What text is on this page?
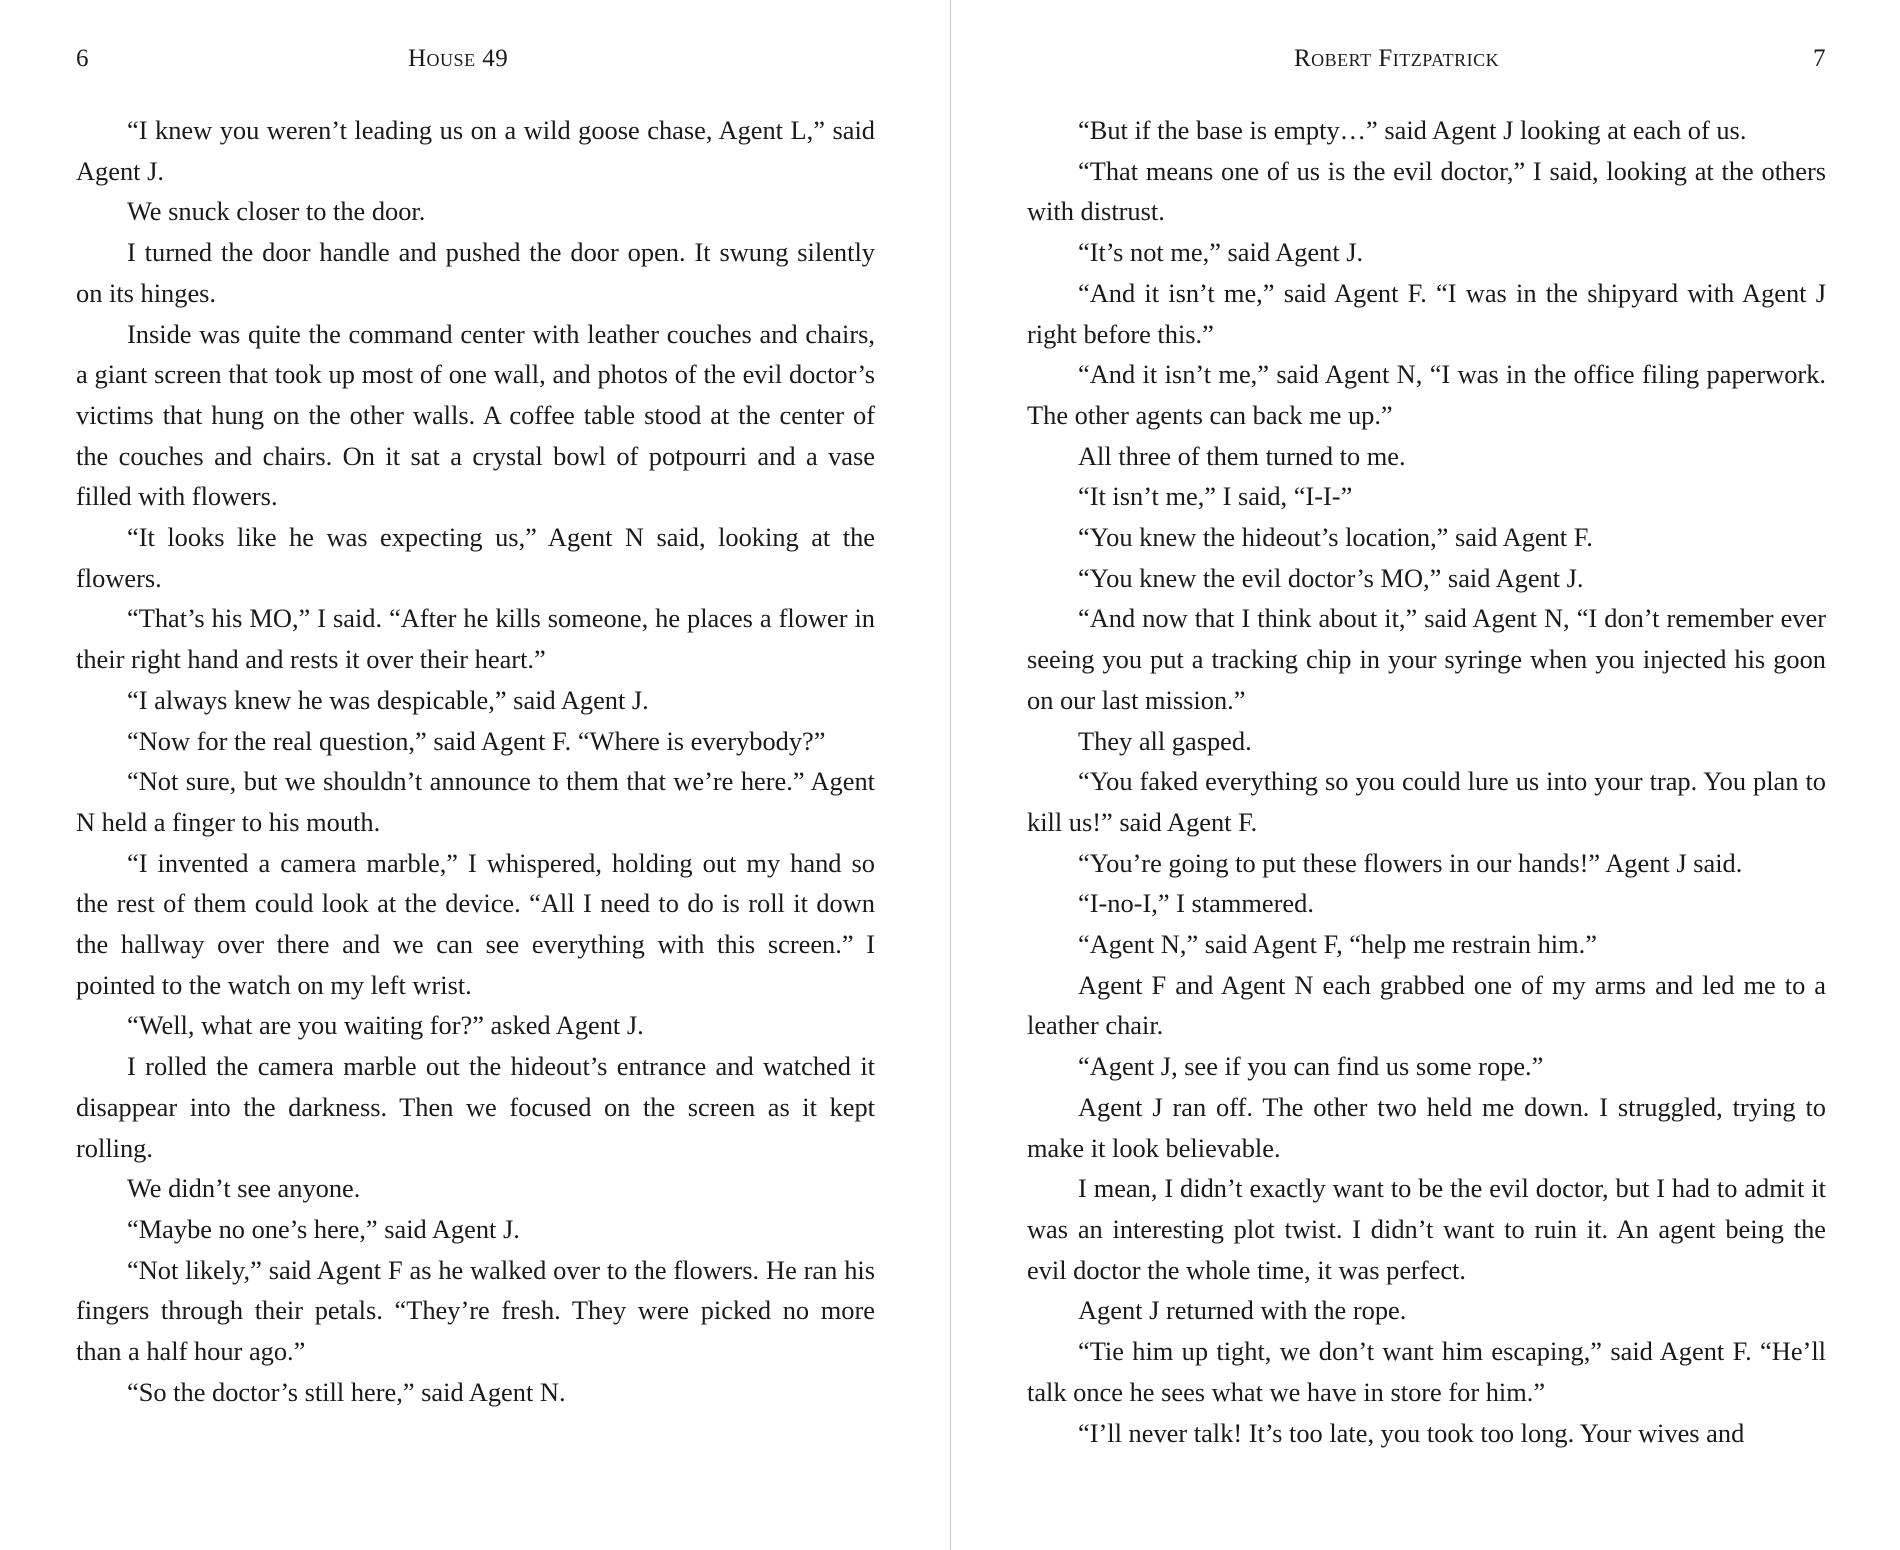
6	House 49

“I knew you weren’t leading us on a wild goose chase, Agent L,” said Agent J.

We snuck closer to the door.

I turned the door handle and pushed the door open. It swung silently on its hinges.

Inside was quite the command center with leather couches and chairs, a giant screen that took up most of one wall, and photos of the evil doctor’s victims that hung on the other walls. A coffee table stood at the center of the couches and chairs. On it sat a crystal bowl of potpourri and a vase filled with flowers.

“It looks like he was expecting us,” Agent N said, looking at the flowers.

“That’s his MO,” I said. “After he kills someone, he places a flower in their right hand and rests it over their heart.”

“I always knew he was despicable,” said Agent J.

“Now for the real question,” said Agent F. “Where is everybody?”

“Not sure, but we shouldn’t announce to them that we’re here.” Agent N held a finger to his mouth.

“I invented a camera marble,” I whispered, holding out my hand so the rest of them could look at the device. “All I need to do is roll it down the hallway over there and we can see everything with this screen.” I pointed to the watch on my left wrist.

“Well, what are you waiting for?” asked Agent J.

I rolled the camera marble out the hideout’s entrance and watched it disappear into the darkness. Then we focused on the screen as it kept rolling.

We didn’t see anyone.

“Maybe no one’s here,” said Agent J.

“Not likely,” said Agent F as he walked over to the flowers. He ran his fingers through their petals. “They’re fresh. They were picked no more than a half hour ago.”

“So the doctor’s still here,” said Agent N.

Robert Fitzpatrick	7

“But if the base is empty…” said Agent J looking at each of us.

“That means one of us is the evil doctor,” I said, looking at the others with distrust.

“It’s not me,” said Agent J.

“And it isn’t me,” said Agent F. “I was in the shipyard with Agent J right before this.”

“And it isn’t me,” said Agent N, “I was in the office filing paperwork. The other agents can back me up.”

All three of them turned to me.

“It isn’t me,” I said, “I-I-”

“You knew the hideout’s location,” said Agent F.

“You knew the evil doctor’s MO,” said Agent J.

“And now that I think about it,” said Agent N, “I don’t remember ever seeing you put a tracking chip in your syringe when you injected his goon on our last mission.”

They all gasped.

“You faked everything so you could lure us into your trap. You plan to kill us!” said Agent F.

“You’re going to put these flowers in our hands!” Agent J said.

“I-no-I,” I stammered.

“Agent N,” said Agent F, “help me restrain him.”

Agent F and Agent N each grabbed one of my arms and led me to a leather chair.

“Agent J, see if you can find us some rope.”

Agent J ran off. The other two held me down. I struggled, trying to make it look believable.

I mean, I didn’t exactly want to be the evil doctor, but I had to admit it was an interesting plot twist. I didn’t want to ruin it. An agent being the evil doctor the whole time, it was perfect.

Agent J returned with the rope.

“Tie him up tight, we don’t want him escaping,” said Agent F. “He’ll talk once he sees what we have in store for him.”

“I’ll never talk! It’s too late, you took too long. Your wives and
